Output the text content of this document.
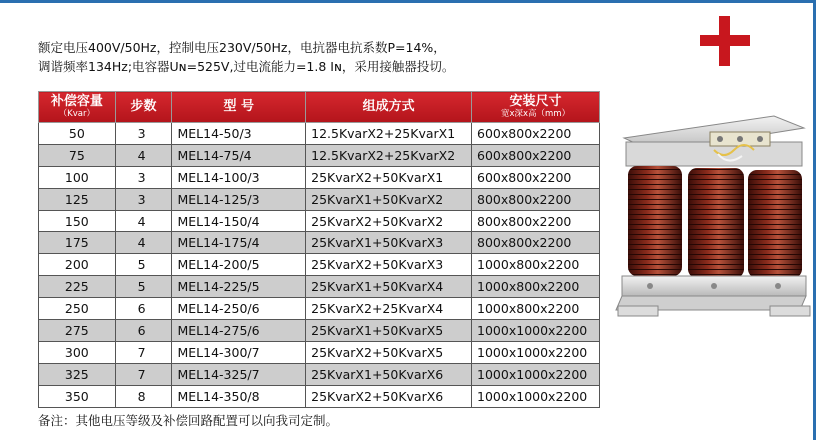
额定电压400V/50Hz，控制电压230V/50Hz，电抗器电抗系数P=14%，
调谐频率134Hz;电容器Uɴ=525V,过电流能力=1.8 Iɴ，采用接触器投切。
补偿容量
（Kvar）	步数	型 号	组成方式	安装尺寸
宽x深x高（mm）

50	3	MEL14-50/3	12.5KvarX2+25KvarX1	600x800x2200
75	4	MEL14-75/4	12.5KvarX2+25KvarX2	600x800x2200
100	3	MEL14-100/3	25KvarX2+50KvarX1	600x800x2200
125	3	MEL14-125/3	25KvarX1+50KvarX2	800x800x2200
150	4	MEL14-150/4	25KvarX2+50KvarX2	800x800x2200
175	4	MEL14-175/4	25KvarX1+50KvarX3	800x800x2200
200	5	MEL14-200/5	25KvarX2+50KvarX3	1000x800x2200
225	5	MEL14-225/5	25KvarX1+50KvarX4	1000x800x2200
250	6	MEL14-250/6	25KvarX2+25KvarX4	1000x800x2200
275	6	MEL14-275/6	25KvarX1+50KvarX5	1000x1000x2200
300	7	MEL14-300/7	25KvarX2+50KvarX5	1000x1000x2200
325	7	MEL14-325/7	25KvarX1+50KvarX6	1000x1000x2200
350	8	MEL14-350/8	25KvarX2+50KvarX6	1000x1000x2200
备注：其他电压等级及补偿回路配置可以向我司定制。
